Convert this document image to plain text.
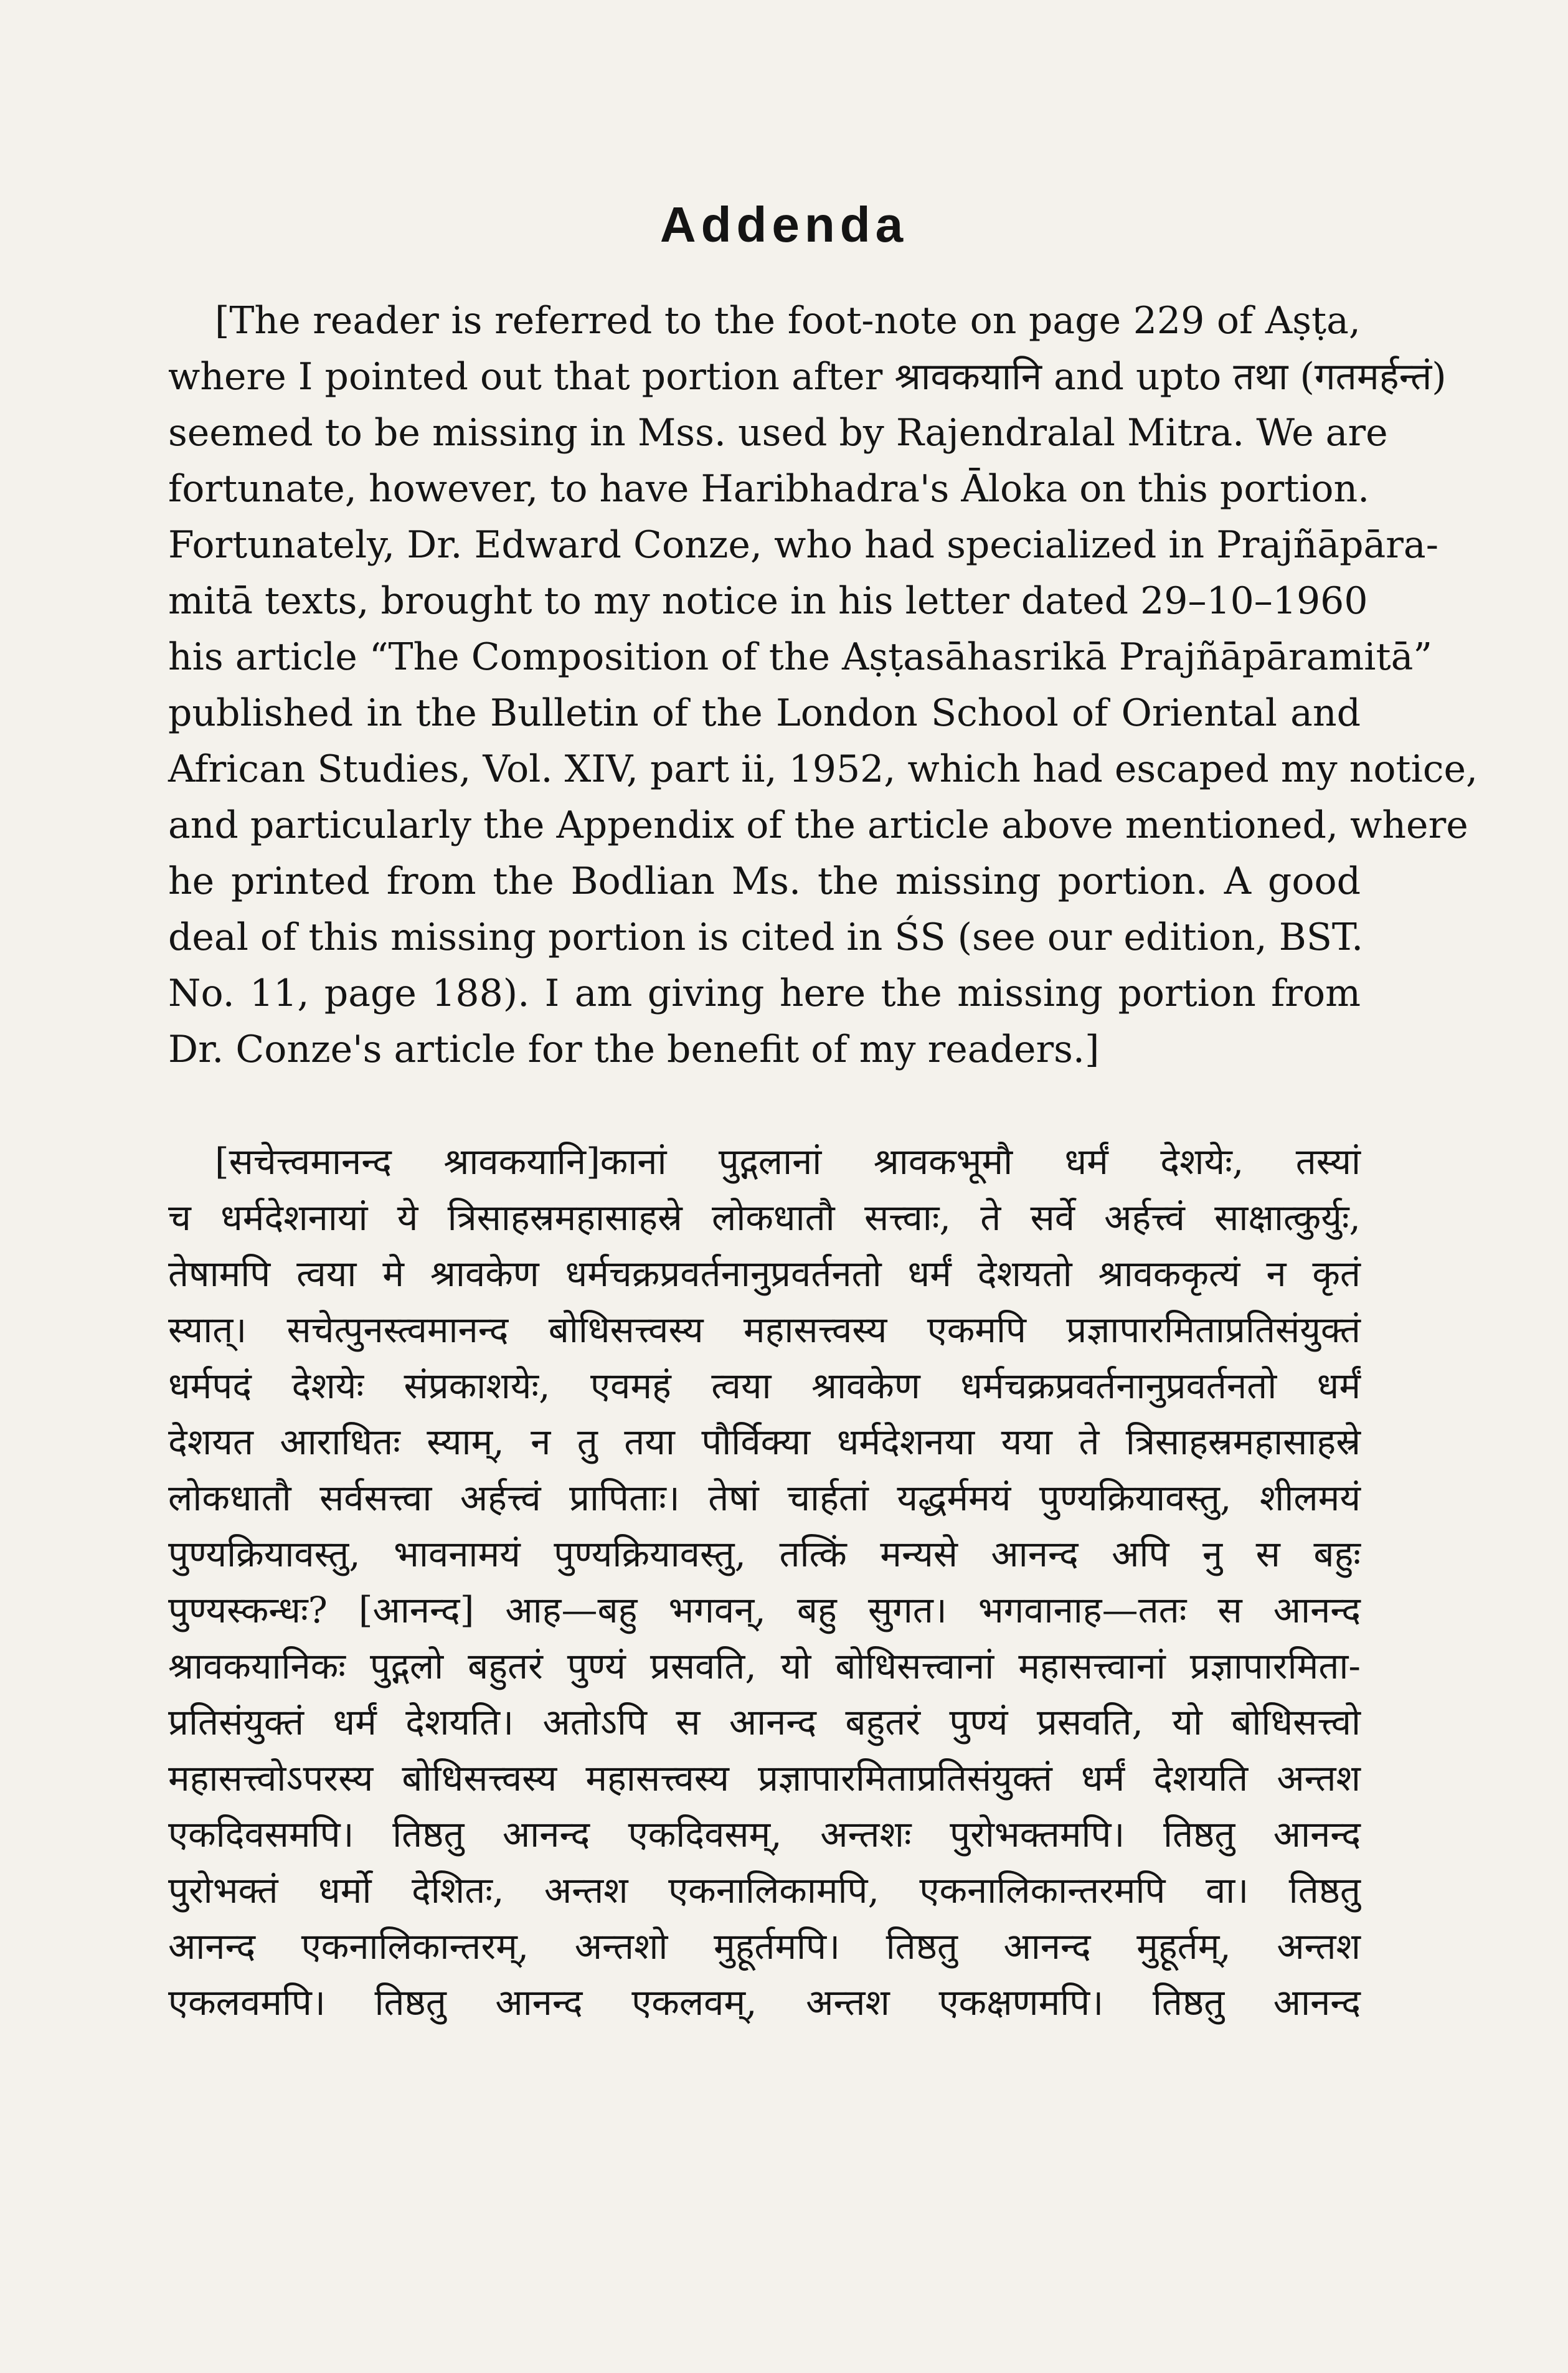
Addenda
[The reader is referred to the foot-note on page 229 of Aṣṭa,
where I pointed out that portion after श्रावकयानि and upto तथा (गतमर्हन्तं)
seemed to be missing in Mss. used by Rajendralal Mitra. We are
fortunate, however, to have Haribhadra's Āloka on this portion.
Fortunately, Dr. Edward Conze, who had specialized in Prajñāpāra-
mitā texts, brought to my notice in his letter dated 29–10–1960
his article “The Composition of the Aṣṭasāhasrikā Prajñāpāramitā”
published in the Bulletin of the London School of Oriental and
African Studies, Vol. XIV, part ii, 1952, which had escaped my notice,
and particularly the Appendix of the article above mentioned, where
he printed from the Bodlian Ms. the missing portion. A good
deal of this missing portion is cited in ŚS (see our edition, BST.
No. 11, page 188). I am giving here the missing portion from
Dr. Conze's article for the benefit of my readers.]
[सचेत्त्वमानन्द श्रावकयानि]कानां पुद्गलानां श्रावकभूमौ धर्मं देशयेः, तस्यां
च धर्मदेशनायां ये त्रिसाहस्रमहासाहस्रे लोकधातौ सत्त्वाः, ते सर्वे अर्हत्त्वं साक्षात्कुर्युः,
तेषामपि त्वया मे श्रावकेण धर्मचक्रप्रवर्तनानुप्रवर्तनतो धर्मं देशयतो श्रावककृत्यं न कृतं
स्यात्। सचेत्पुनस्त्वमानन्द बोधिसत्त्वस्य महासत्त्वस्य एकमपि प्रज्ञापारमिताप्रतिसंयुक्तं
धर्मपदं देशयेः संप्रकाशयेः, एवमहं त्वया श्रावकेण धर्मचक्रप्रवर्तनानुप्रवर्तनतो धर्मं
देशयत आराधितः स्याम्, न तु तया पौर्विक्या धर्मदेशनया यया ते त्रिसाहस्रमहासाहस्रे
लोकधातौ सर्वसत्त्वा अर्हत्त्वं प्रापिताः। तेषां चार्हतां यद्धर्ममयं पुण्यक्रियावस्तु, शीलमयं
पुण्यक्रियावस्तु, भावनामयं पुण्यक्रियावस्तु, तत्किं मन्यसे आनन्द अपि नु स बहुः
पुण्यस्कन्धः? [आनन्द] आह—बहु भगवन्, बहु सुगत। भगवानाह—ततः स आनन्द
श्रावकयानिकः पुद्गलो बहुतरं पुण्यं प्रसवति, यो बोधिसत्त्वानां महासत्त्वानां प्रज्ञापारमिता-
प्रतिसंयुक्तं धर्मं देशयति। अतोऽपि स आनन्द बहुतरं पुण्यं प्रसवति, यो बोधिसत्त्वो
महासत्त्वोऽपरस्य बोधिसत्त्वस्य महासत्त्वस्य प्रज्ञापारमिताप्रतिसंयुक्तं धर्मं देशयति अन्तश
एकदिवसमपि। तिष्ठतु आनन्द एकदिवसम्, अन्तशः पुरोभक्तमपि। तिष्ठतु आनन्द
पुरोभक्तं धर्मो देशितः, अन्तश एकनालिकामपि, एकनालिकान्तरमपि वा। तिष्ठतु
आनन्द एकनालिकान्तरम्, अन्तशो मुहूर्तमपि। तिष्ठतु आनन्द मुहूर्तम्, अन्तश
एकलवमपि। तिष्ठतु आनन्द एकलवम्, अन्तश एकक्षणमपि। तिष्ठतु आनन्द
